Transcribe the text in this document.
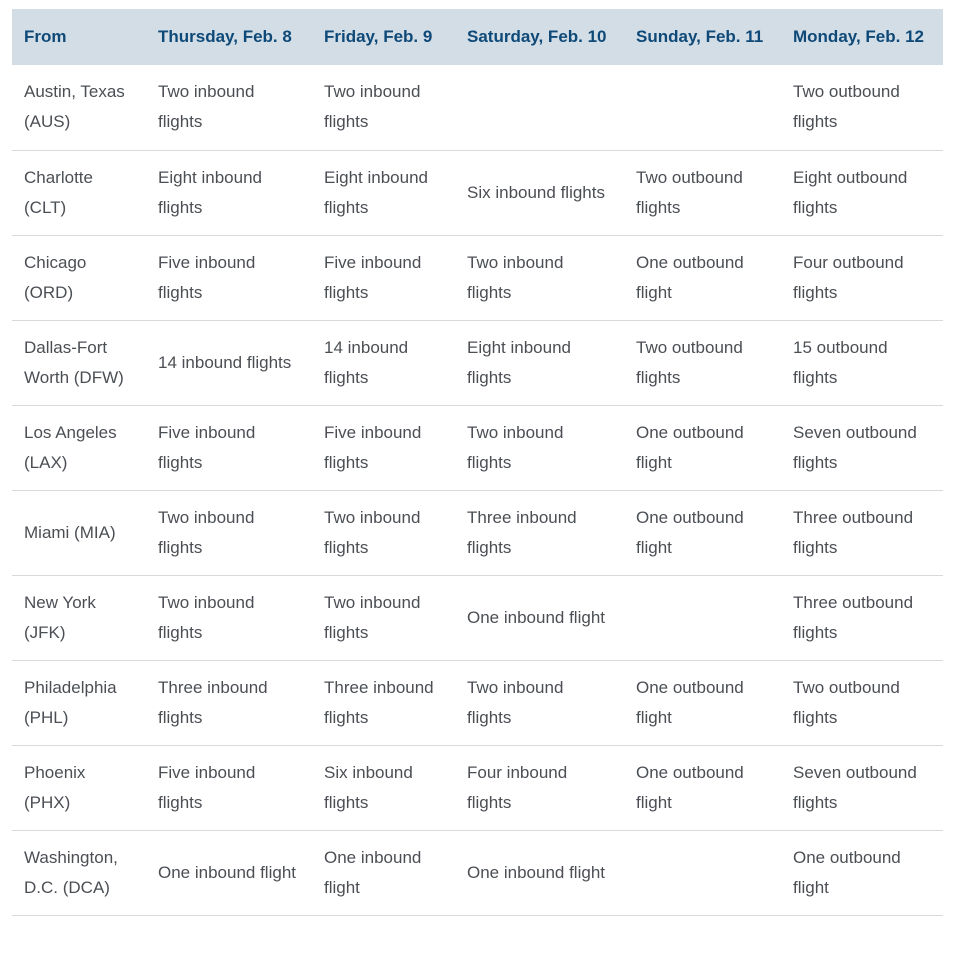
From	Thursday, Feb. 8	Friday, Feb. 9	Saturday, Feb. 10	Sunday, Feb. 11	Monday, Feb. 12
Austin, Texas (AUS)	Two inbound flights	Two inbound flights			Two outbound flights
Charlotte (CLT)	Eight inbound flights	Eight inbound flights	Six inbound flights	Two outbound flights	Eight outbound flights
Chicago (ORD)	Five inbound flights	Five inbound flights	Two inbound flights	One outbound flight	Four outbound flights
Dallas-Fort Worth (DFW)	14 inbound flights	14 inbound flights	Eight inbound flights	Two outbound flights	15 outbound flights
Los Angeles (LAX)	Five inbound flights	Five inbound flights	Two inbound flights	One outbound flight	Seven outbound flights
Miami (MIA)	Two inbound flights	Two inbound flights	Three inbound flights	One outbound flight	Three outbound flights
New York (JFK)	Two inbound flights	Two inbound flights	One inbound flight		Three outbound flights
Philadelphia (PHL)	Three inbound flights	Three inbound flights	Two inbound flights	One outbound flight	Two outbound flights
Phoenix (PHX)	Five inbound flights	Six inbound flights	Four inbound flights	One outbound flight	Seven outbound flights
Washington, D.C. (DCA)	One inbound flight	One inbound flight	One inbound flight		One outbound flight
